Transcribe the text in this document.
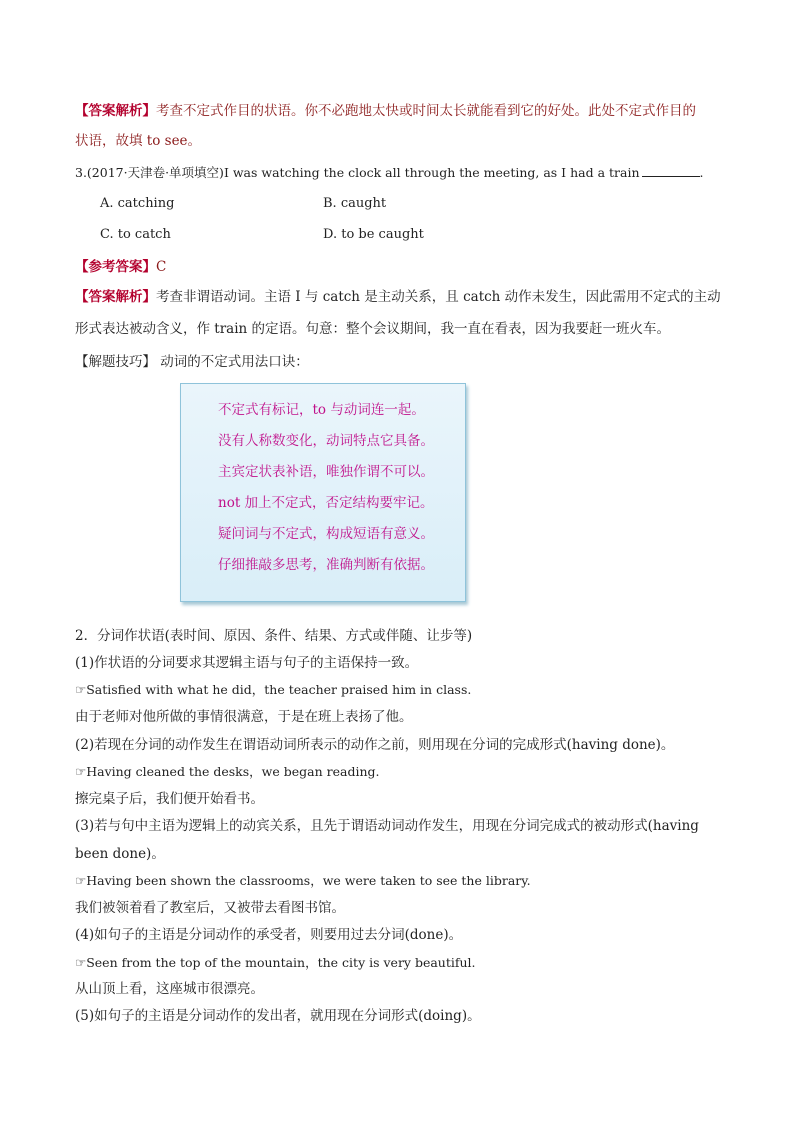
【答案解析】考查不定式作目的状语。你不必跑地太快或时间太长就能看到它的好处。此处不定式作目的
状语，故填 to see。
3.(2017·天津卷·单项填空)I was watching the clock all through the meeting, as I had a train	.
A. catching	B. caught
C. to catch	D. to be caught
【参考答案】C
【答案解析】考查非谓语动词。主语 I 与 catch 是主动关系，且 catch 动作未发生，因此需用不定式的主动
形式表达被动含义，作 train 的定语。句意：整个会议期间，我一直在看表，因为我要赶一班火车。
【解题技巧】 动词的不定式用法口诀：
不定式有标记，to 与动词连一起。
没有人称数变化，动词特点它具备。
主宾定状表补语，唯独作谓不可以。
not 加上不定式，否定结构要牢记。
疑问词与不定式，构成短语有意义。
仔细推敲多思考，准确判断有依据。
2．分词作状语(表时间、原因、条件、结果、方式或伴随、让步等)
(1)作状语的分词要求其逻辑主语与句子的主语保持一致。
☞Satisfied with what he did，the teacher praised him in class.
由于老师对他所做的事情很满意，于是在班上表扬了他。
(2)若现在分词的动作发生在谓语动词所表示的动作之前，则用现在分词的完成形式(having done)。
☞Having cleaned the desks，we began reading.
擦完桌子后，我们便开始看书。
(3)若与句中主语为逻辑上的动宾关系，且先于谓语动词动作发生，用现在分词完成式的被动形式(having
been done)。
☞Having been shown the classrooms，we were taken to see the library.
我们被领着看了教室后，又被带去看图书馆。
(4)如句子的主语是分词动作的承受者，则要用过去分词(done)。
☞Seen from the top of the mountain，the city is very beautiful.
从山顶上看，这座城市很漂亮。
(5)如句子的主语是分词动作的发出者，就用现在分词形式(doing)。
